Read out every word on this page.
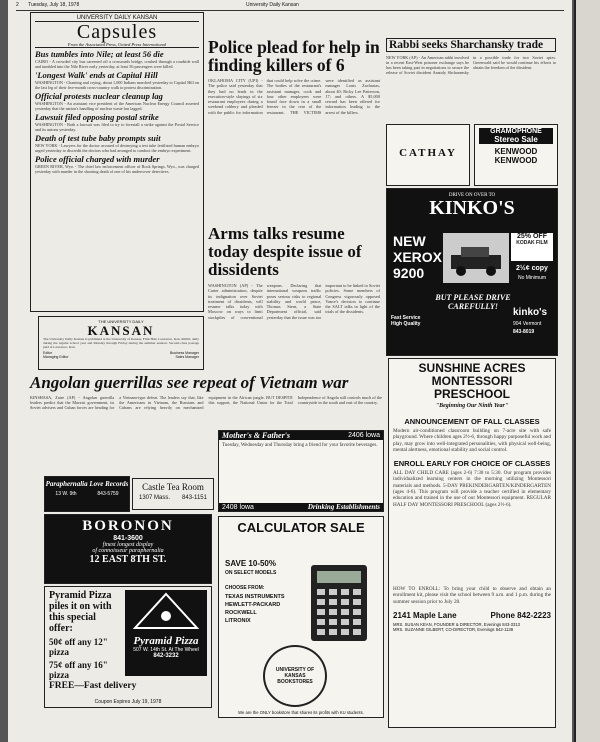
2 Tuesday, July 18, 1978	University Daily Kansan
UNIVERSITY DAILY KANSAN
Capsules
From the Associated Press, United Press International
Bus tumbles into Nile; at least 56 die
CAIRO - A crowded city bus careened off a crossroads bridge, crashed through a roadside wall and tumbled into the Nile River early yesterday, at least 56 passengers were killed.
'Longest Walk' ends at Capital Hill
WASHINGTON - Chanting and crying, about 1,000 Indians marched yesterday to Capitol Hill on the last leg of their five-month cross-country walk to protest discrimination.
Official protests nuclear cleanup lag
WASHINGTON - An assistant vice president of the American Nuclear Energy Council asserted yesterday that the nation's handling of nuclear waste has lagged.
Lawsuit filed opposing postal strike
WASHINGTON - Both a lawsuit was filed to try to forestall a strike against the Postal Service and its unions yesterday.
Death of test tube baby prompts suit
NEW YORK - Lawyers for the doctor accused of destroying a test tube fertilized human embryo urged yesterday to discredit the doctors who had arranged to conduct the embryo experiment.
Police official charged with murder
GREEN RIVER, Wyo. - The chief law enforcement officer of Rock Springs, Wyo., was charged yesterday with murder in the shooting death of one of his undercover detectives.
THE UNIVERSITY DAILY
KANSAN
The University Daily Kansan is published at the University of Kansas, Flint Hall, Lawrence, Kan. 66045, daily during the regular school year and Monday through Friday during the summer session. Second-class postage paid at Lawrence, Kan.
Editor	Business Manager
Managing Editor	Sales Manager
Police plead for help in finding killers of 6
OKLAHOMA CITY (UPI) - The police said yesterday that they had no leads in the execution-style slayings of six restaurant employees during a weekend robbery and pleaded with the public for information that could help solve the crime. The bodies of the restaurant's assistant manager, cook and four other employees were found face down in a small freezer in the rear of the restaurant. THE VICTIMS were identified as assistant manager Louis Zacharias, about 40; Ricky Lee Patterson, 17; and others. A $5,000 reward has been offered for information leading to the arrest of the killers.
Arms talks resume today despite issue of dissidents
WASHINGTON (AP) - The Carter administration, despite its indignation over Soviet treatment of dissidents, will resume talks today with Moscow on ways to limit stockpiles of conventional weapons. Declaring that international weapons traffic poses serious risks to regional stability and world peace, Thomas Stern, a State Department official, said yesterday that the issue was too important to be linked to Soviet policies. Some members of Congress vigorously opposed Vance's decision to continue the SALT talks in light of the trials of the dissidents.
Rabbi seeks Sharchansky trade
NEW YORK (AP) - An American rabbi involved in a recent East-West prisoner exchange says he has been taking part in negotiations to secure the release of Soviet dissident Anatoly Shcharansky in a possible trade for two Soviet spies. Greenwald said he would continue his efforts to obtain the freedom of the dissident.
CATHAY
GRAMOPHONE
Stereo Sale
KENWOOD
KENWOOD
DRIVE ON OVER TO
KINKO'S
NEW
XEROX
9200
25% OFF
KODAK FILM
2½¢ copy
No Minimum
BUT PLEASE DRIVE CAREFULLY!
Fast Service High Quality
kinko's
904 Vermont
843-8019
Angolan guerrillas see repeat of Vietnam war
KINSHASA, Zaire (AP) - Angolan guerrilla leaders predict that the Marxist government, its Soviet advisers and Cuban forces are heading for a Vietnam-type defeat. The leaders say that, like the Americans in Vietnam, the Russians and Cubans are relying heavily on mechanized equipment in the African jungle. BUT DESPITE this support, the National Union for the Total Independence of Angola still controls much of the countryside in the south and east of the country.
Paraphernalia Love Records
13 W. 9th	843-5759
Castle Tea Room
1307 Mass. 843-1151
Mother's & Father's	2406 lowa
Tuesday, Wednesday and Thursday bring a friend for your favorite beverages.
2408 lowa	Drinking Establishments
BORONON
841-3600
finest longest display
of connoisseur paraphernalia
12 EAST 8TH ST.
Pyramid Pizza piles it on with this special offer:
50¢ off any 12" pizza
75¢ off any 16" pizza
Pyramid Pizza
507 W. 14th St. At The Wheel
842-3232
FREE—Fast delivery
Coupon Expires July 19, 1978
CALCULATOR SALE
SAVE 10-50%
ON SELECT MODELS
CHOOSE FROM:
TEXAS INSTRUMENTS
HEWLETT-PACKARD
ROCKWELL
LITRONIX
UNIVERSITY OF KANSAS BOOKSTORES
We are the ONLY bookstore that shares its profits with KU students.
SUNSHINE ACRES MONTESSORI PRESCHOOL
"Beginning Our Ninth Year"
ANNOUNCEMENT OF FALL CLASSES
Modern air-conditioned classroom building on 7-acre site with safe playground. Where children ages 2½-6, through happy purposeful work and play, may grow into well-integrated personalities, with physical well-being, mental alertness, emotional stability and social control.
ENROLL EARLY FOR CHOICE OF CLASSES
ALL DAY CHILD CARE (ages 2-6) 7:30 to 5:30. Our program provides individualized learning centers in the morning utilizing Montessori materials and methods. 5-DAY PREKINDERGARTEN/KINDERGARTEN (ages 4-6). This program will provide a teacher certified in elementary education and trained in the use of our Montessori equipment. REGULAR HALF DAY MONTESSORI PRESCHOOL (ages 2½-6).
HOW TO ENROLL: To bring your child to observe and obtain an enrollment kit, please visit the school between 9 a.m. and 1 p.m. during the summer session prior to July 28.
2141 Maple Lane	Phone 842-2223
MRS. SUSAN KEAN, FOUNDER & DIRECTOR, Evenings 843-3313
MRS. SUZANNE GILBERT, CO-DIRECTOR, Evenings 842-1138
